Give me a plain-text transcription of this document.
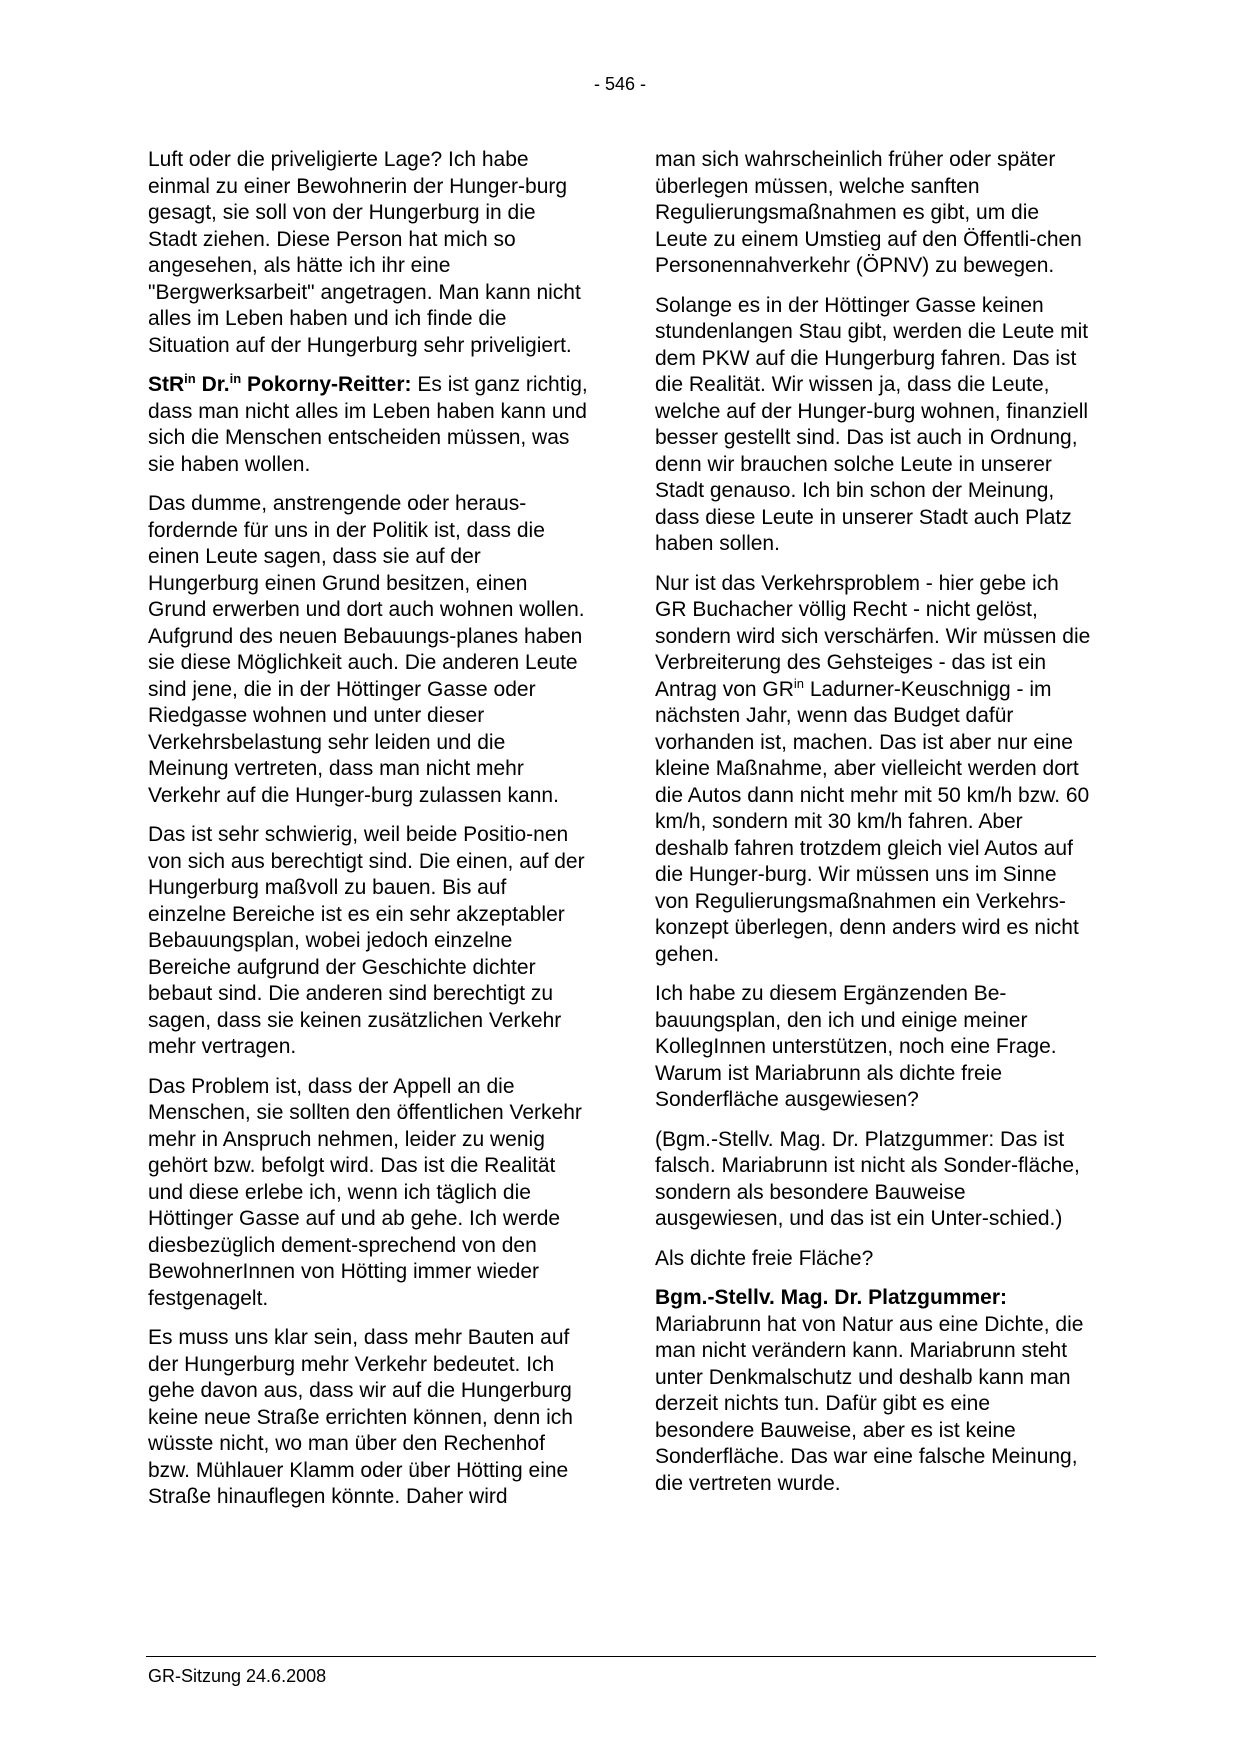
- 546 -

Luft oder die priveligierte Lage? Ich habe einmal zu einer Bewohnerin der Hunger-burg gesagt, sie soll von der Hungerburg in die Stadt ziehen. Diese Person hat mich so angesehen, als hätte ich ihr eine "Bergwerksarbeit" angetragen. Man kann nicht alles im Leben haben und ich finde die Situation auf der Hungerburg sehr priveligiert.

StR$^{in}$ Dr.$^{in}$ Pokorny-Reitter: Es ist ganz richtig, dass man nicht alles im Leben haben kann und sich die Menschen entscheiden müssen, was sie haben wollen.

Das dumme, anstrengende oder heraus-fordernde für uns in der Politik ist, dass die einen Leute sagen, dass sie auf der Hungerburg einen Grund besitzen, einen Grund erwerben und dort auch wohnen wollen. Aufgrund des neuen Bebauungs-planes haben sie diese Möglichkeit auch. Die anderen Leute sind jene, die in der Höttinger Gasse oder Riedgasse wohnen und unter dieser Verkehrsbelastung sehr leiden und die Meinung vertreten, dass man nicht mehr Verkehr auf die Hunger-burg zulassen kann.

Das ist sehr schwierig, weil beide Positio-nen von sich aus berechtigt sind. Die einen, auf der Hungerburg maßvoll zu bauen. Bis auf einzelne Bereiche ist es ein sehr akzeptabler Bebauungsplan, wobei jedoch einzelne Bereiche aufgrund der Geschichte dichter bebaut sind. Die anderen sind berechtigt zu sagen, dass sie keinen zusätzlichen Verkehr mehr vertragen.

Das Problem ist, dass der Appell an die Menschen, sie sollten den öffentlichen Verkehr mehr in Anspruch nehmen, leider zu wenig gehört bzw. befolgt wird. Das ist die Realität und diese erlebe ich, wenn ich täglich die Höttinger Gasse auf und ab gehe. Ich werde diesbezüglich dement-sprechend von den BewohnerInnen von Hötting immer wieder festgenagelt.

Es muss uns klar sein, dass mehr Bauten auf der Hungerburg mehr Verkehr bedeutet. Ich gehe davon aus, dass wir auf die Hungerburg keine neue Straße errichten können, denn ich wüsste nicht, wo man über den Rechenhof bzw. Mühlauer Klamm oder über Hötting eine Straße hinauflegen könnte. Daher wird

man sich wahrscheinlich früher oder später überlegen müssen, welche sanften Regulierungsmaßnahmen es gibt, um die Leute zu einem Umstieg auf den Öffentli-chen Personennahverkehr (ÖPNV) zu bewegen.

Solange es in der Höttinger Gasse keinen stundenlangen Stau gibt, werden die Leute mit dem PKW auf die Hungerburg fahren. Das ist die Realität. Wir wissen ja, dass die Leute, welche auf der Hunger-burg wohnen, finanziell besser gestellt sind. Das ist auch in Ordnung, denn wir brauchen solche Leute in unserer Stadt genauso. Ich bin schon der Meinung, dass diese Leute in unserer Stadt auch Platz haben sollen.

Nur ist das Verkehrsproblem - hier gebe ich GR Buchacher völlig Recht - nicht gelöst, sondern wird sich verschärfen. Wir müssen die Verbreiterung des Gehsteiges - das ist ein Antrag von $GR^{in}$ Ladurner-Keuschnigg - im nächsten Jahr, wenn das Budget dafür vorhanden ist, machen. Das ist aber nur eine kleine Maßnahme, aber vielleicht werden dort die Autos dann nicht mehr mit 50 km/h bzw. 60 km/h, sondern mit 30 km/h fahren. Aber deshalb fahren trotzdem gleich viel Autos auf die Hunger-burg. Wir müssen uns im Sinne von Regulierungsmaßnahmen ein Verkehrs-konzept überlegen, denn anders wird es nicht gehen.

Ich habe zu diesem Ergänzenden Be-bauungsplan, den ich und einige meiner KollegInnen unterstützen, noch eine Frage. Warum ist Mariabrunn als dichte freie Sonderfläche ausgewiesen?

(Bgm.-Stellv. Mag. Dr. Platzgummer: Das ist falsch. Mariabrunn ist nicht als Sonder-fläche, sondern als besondere Bauweise ausgewiesen, und das ist ein Unter-schied.)

Als dichte freie Fläche?

Bgm.-Stellv. Mag. Dr. Platzgummer:
Mariabrunn hat von Natur aus eine Dichte, die man nicht verändern kann. Mariabrunn steht unter Denkmalschutz und deshalb kann man derzeit nichts tun. Dafür gibt es eine besondere Bauweise, aber es ist keine Sonderfläche. Das war eine falsche Meinung, die vertreten wurde.

GR-Sitzung 24.6.2008
